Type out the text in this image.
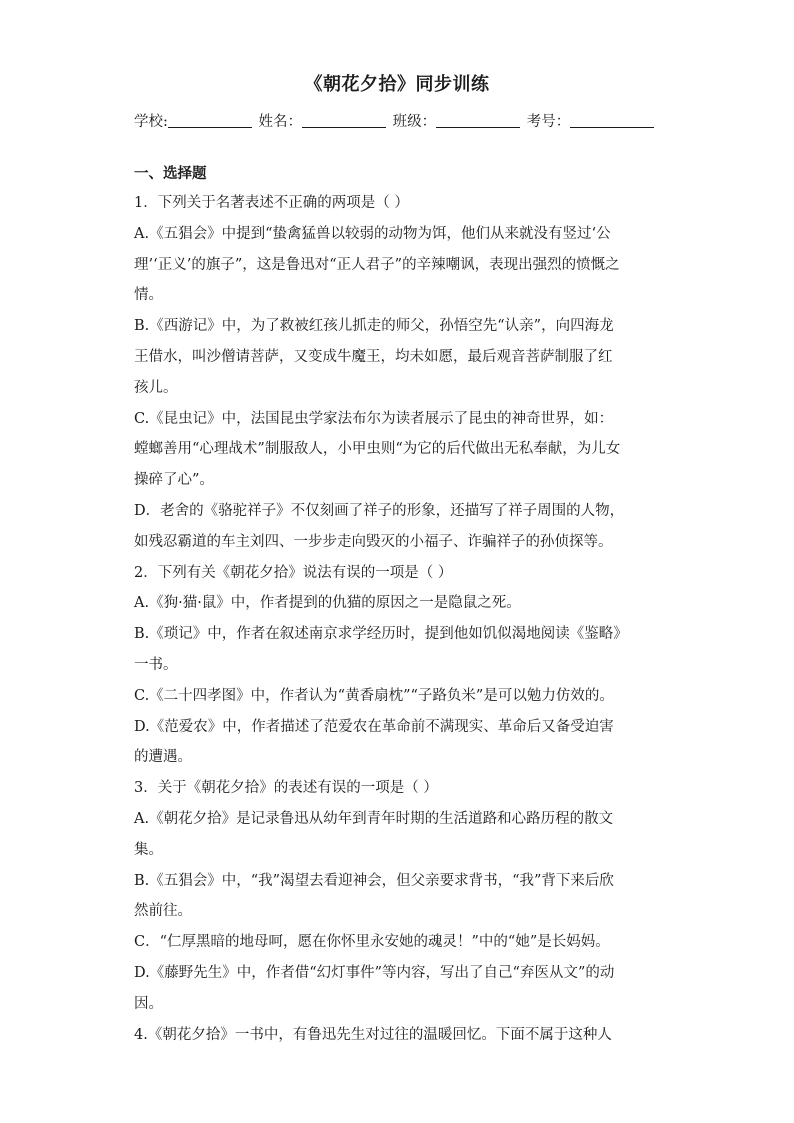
《朝花夕拾》同步训练
学校:	姓名：	班级：	考号：
一、选择题

1．下列关于名著表述不正确的两项是（ ）

A.《五猖会》中提到“蛰禽猛兽以较弱的动物为饵，他们从来就没有竖过‘公

理’‘正义’的旗子”，这是鲁迅对“正人君子”的辛辣嘲讽，表现出强烈的愤慨之

情。

B.《西游记》中，为了救被红孩儿抓走的师父，孙悟空先“认亲”，向四海龙

王借水，叫沙僧请菩萨，又变成牛魔王，均未如愿，最后观音菩萨制服了红

孩儿。

C.《昆虫记》中，法国昆虫学家法布尔为读者展示了昆虫的神奇世界，如：

螳螂善用“心理战术”制服敌人，小甲虫则“为它的后代做出无私奉献，为儿女

操碎了心”。

D．老舍的《骆驼祥子》不仅刻画了祥子的形象，还描写了祥子周围的人物，

如残忍霸道的车主刘四、一步步走向毁灭的小福子、诈骗祥子的孙侦探等。

2．下列有关《朝花夕拾》说法有误的一项是（ ）

A.《狗·猫·鼠》中，作者提到的仇猫的原因之一是隐鼠之死。

B.《琐记》中，作者在叙述南京求学经历时，提到他如饥似渴地阅读《鉴略》

一书。

C.《二十四孝图》中，作者认为“黄香扇枕”“子路负米”是可以勉力仿效的。

D.《范爱农》中，作者描述了范爱农在革命前不满现实、革命后又备受迫害

的遭遇。

3．关于《朝花夕拾》的表述有误的一项是（ ）

A.《朝花夕拾》是记录鲁迅从幼年到青年时期的生活道路和心路历程的散文

集。

B.《五猖会》中，“我”渴望去看迎神会，但父亲要求背书，“我”背下来后欣

然前往。

C．“仁厚黑暗的地母呵，愿在你怀里永安她的魂灵！”中的“她”是长妈妈。

D.《藤野先生》中，作者借“幻灯事件”等内容，写出了自己“弃医从文”的动

因。

4.《朝花夕拾》一书中，有鲁迅先生对过往的温暖回忆。下面不属于这种人
